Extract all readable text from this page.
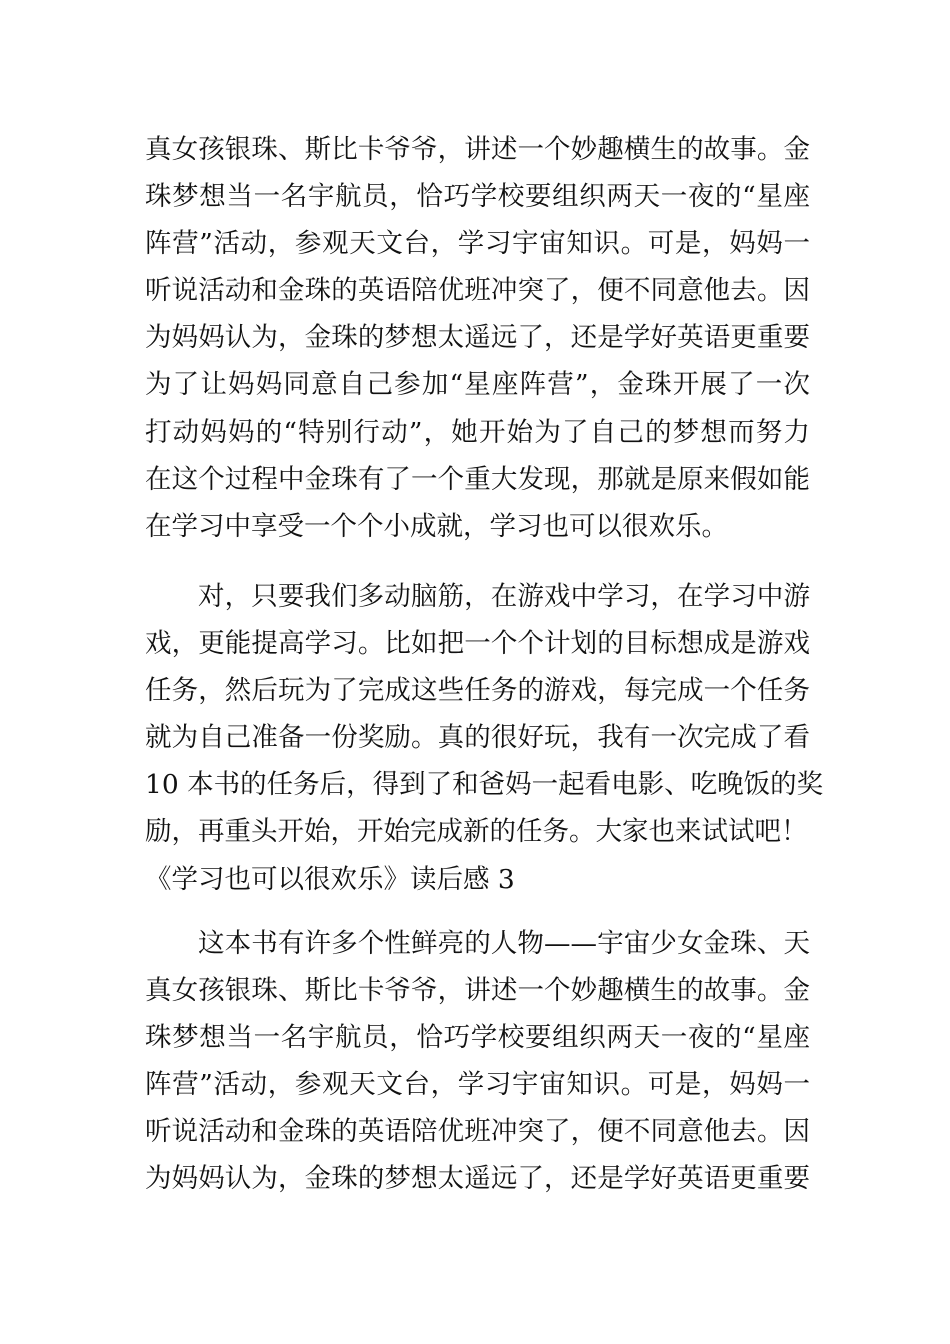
真女孩银珠、斯比卡爷爷，讲述一个妙趣横生的故事。金
珠梦想当一名宇航员，恰巧学校要组织两天一夜的“星座
阵营”活动，参观天文台，学习宇宙知识。可是，妈妈一
听说活动和金珠的英语陪优班冲突了，便不同意他去。因
为妈妈认为，金珠的梦想太遥远了，还是学好英语更重要
为了让妈妈同意自己参加“星座阵营”，金珠开展了一次
打动妈妈的“特别行动”，她开始为了自己的梦想而努力
在这个过程中金珠有了一个重大发现，那就是原来假如能
在学习中享受一个个小成就，学习也可以很欢乐。
对，只要我们多动脑筋，在游戏中学习，在学习中游
戏，更能提高学习。比如把一个个计划的目标想成是游戏
任务，然后玩为了完成这些任务的游戏，每完成一个任务
就为自己准备一份奖励。真的很好玩，我有一次完成了看
10 本书的任务后，得到了和爸妈一起看电影、吃晚饭的奖
励，再重头开始，开始完成新的任务。大家也来试试吧！
《学习也可以很欢乐》读后感 3
这本书有许多个性鲜亮的人物——宇宙少女金珠、天
真女孩银珠、斯比卡爷爷，讲述一个妙趣横生的故事。金
珠梦想当一名宇航员，恰巧学校要组织两天一夜的“星座
阵营”活动，参观天文台，学习宇宙知识。可是，妈妈一
听说活动和金珠的英语陪优班冲突了，便不同意他去。因
为妈妈认为，金珠的梦想太遥远了，还是学好英语更重要
